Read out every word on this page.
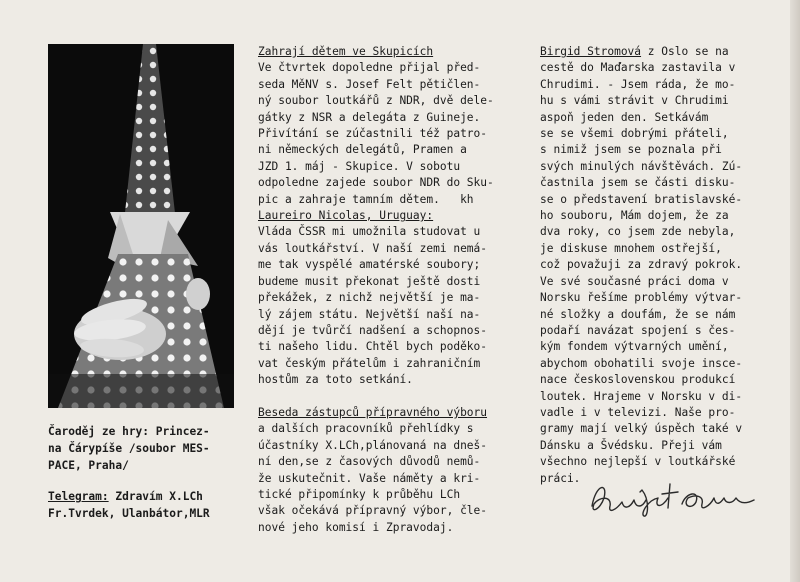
Čaroděj ze hry: Princez-
na Čárypíše /soubor MES-
PACE, Praha/
Telegram: Zdravím X.LCh
Fr.Tvrdek, Ulanbátor,MLR
Zahrají dětem ve Skupicích
Ve čtvrtek dopoledne přijal před-
seda MěNV s. Josef Felt pětičlen-
ný soubor loutkářů z NDR, dvě dele-
gátky z NSR a delegáta z Guineje.
Přivítání se zúčastnili též patro-
ni německých delegátů, Pramen a
JZD 1. máj - Skupice. V sobotu
odpoledne zajede soubor NDR do Sku-
pic a zahraje tamním dětem.   kh
Laureiro Nicolas, Uruguay:
Vláda ČSSR mi umožnila studovat u
vás loutkářství. V naší zemi nemá-
me tak vyspělé amatérské soubory;
budeme musit překonat ještě dosti
překážek, z nichž největší je ma-
lý zájem státu. Největší naší na-
dějí je tvůrčí nadšení a schopnos-
ti našeho lidu. Chtěl bych poděko-
vat českým přátelům i zahraničním
hostům za toto setkání.

Beseda zástupců přípravného výboru
a dalších pracovníků přehlídky s
účastníky X.LCh,plánovaná na dneš-
ní den,se z časových důvodů nemů-
že uskutečnit. Vaše náměty a kri-
tické připomínky k průběhu LCh
však očekává přípravný výbor, čle-
nové jeho komisí i Zpravodaj.
Birgid Stromová z Oslo se na
cestě do Maďarska zastavila v
Chrudimi. - Jsem ráda, že mo-
hu s vámi strávit v Chrudimi
aspoň jeden den. Setkávám
se se všemi dobrými přáteli,
s nimiž jsem se poznala při
svých minulých návštěvách. Zú-
častnila jsem se části disku-
se o představení bratislavské-
ho souboru, Mám dojem, že za
dva roky, co jsem zde nebyla,
je diskuse mnohem ostřejší,
což považuji za zdravý pokrok.
Ve své současné práci doma v
Norsku řešíme problémy výtvar-
né složky a doufám, že se nám
podaří navázat spojení s čes-
kým fondem výtvarných umění,
abychom obohatili svoje insce-
nace československou produkcí
loutek. Hrajeme v Norsku v di-
vadle i v televizi. Naše pro-
gramy mají velký úspěch také v
Dánsku a Švédsku. Přeji vám
všechno nejlepší v loutkářské
práci.
